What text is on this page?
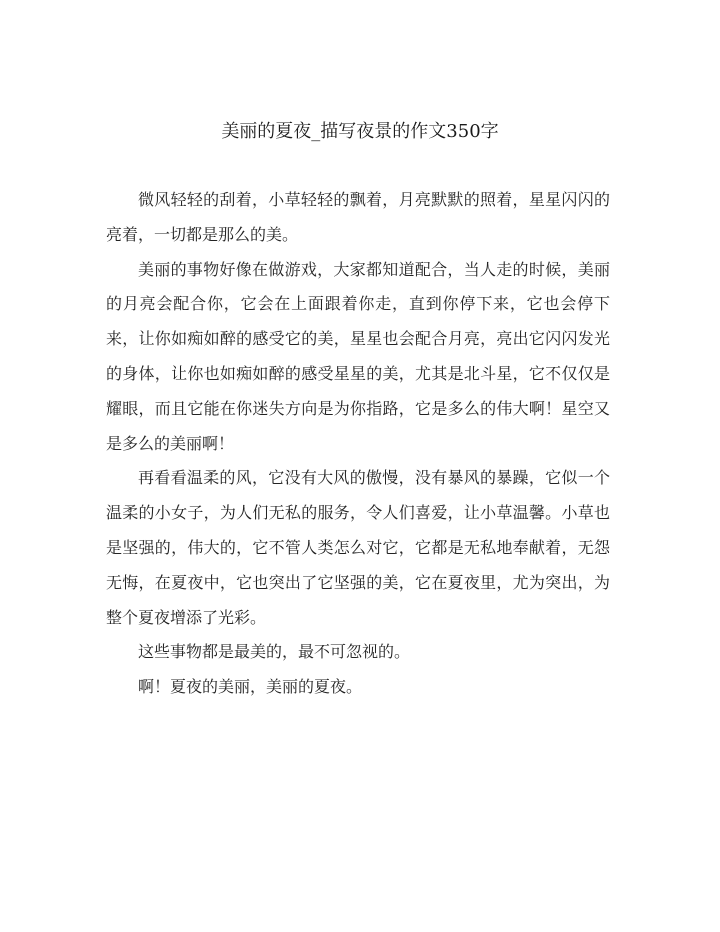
美丽的夏夜_描写夜景的作文350字

微风轻轻的刮着，小草轻轻的飘着，月亮默默的照着，星星闪闪的亮着，一切都是那么的美。

美丽的事物好像在做游戏，大家都知道配合，当人走的时候，美丽的月亮会配合你，它会在上面跟着你走，直到你停下来，它也会停下来，让你如痴如醉的感受它的美，星星也会配合月亮，亮出它闪闪发光的身体，让你也如痴如醉的感受星星的美，尤其是北斗星，它不仅仅是耀眼，而且它能在你迷失方向是为你指路，它是多么的伟大啊！星空又是多么的美丽啊！

再看看温柔的风，它没有大风的傲慢，没有暴风的暴躁，它似一个温柔的小女子，为人们无私的服务，令人们喜爱，让小草温馨。小草也是坚强的，伟大的，它不管人类怎么对它，它都是无私地奉献着，无怨无悔，在夏夜中，它也突出了它坚强的美，它在夏夜里，尤为突出，为整个夏夜增添了光彩。

这些事物都是最美的，最不可忽视的。

啊！夏夜的美丽，美丽的夏夜。
